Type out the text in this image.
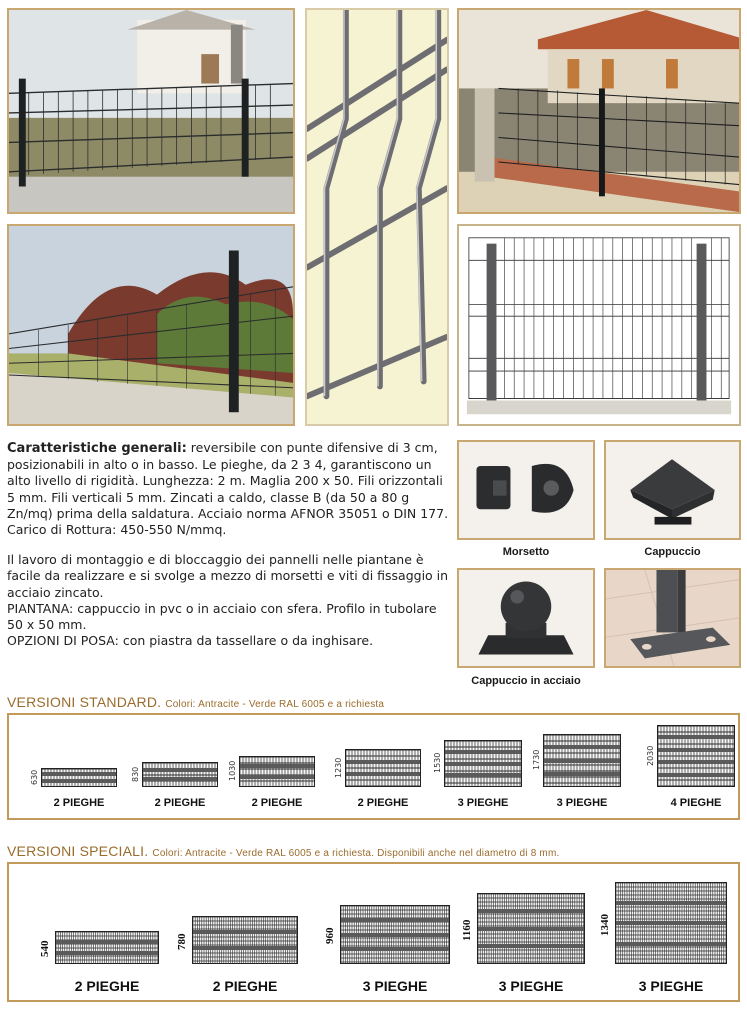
Caratteristiche generali: reversibile con punte difensive di 3 cm, posizionabili in alto o in basso. Le pieghe, da 2 3 4, garantiscono un alto livello di rigidità. Lunghezza: 2 m. Maglia 200 x 50. Fili orizzontali 5 mm. Fili verticali 5 mm. Zincati a caldo, classe B (da 50 a 80 g Zn/mq) prima della saldatura. Acciaio norma AFNOR 35051 o DIN 177. Carico di Rottura: 450-550 N/mmq.

Il lavoro di montaggio e di bloccaggio dei pannelli nelle piantane è facile da realizzare e si svolge a mezzo di morsetti e viti di fissaggio in acciaio zincato.
PIANTANA: cappuccio in pvc o in acciaio con sfera. Profilo in tubolare 50 x 50 mm.
OPZIONI DI POSA: con piastra da tassellare o da inghisare.
Morsetto	Cappuccio
Cappuccio in acciaio
VERSIONI STANDARD. Colori: Antracite - Verde RAL 6005 e a richiesta
630
2 PIEGHE
830
2 PIEGHE
1030
2 PIEGHE
1230
2 PIEGHE
1530
3 PIEGHE
1730
3 PIEGHE
2030
4 PIEGHE
VERSIONI SPECIALI. Colori: Antracite - Verde RAL 6005 e a richiesta. Disponibili anche nel diametro di 8 mm.
540
2 PIEGHE
780
2 PIEGHE
960
3 PIEGHE
1160
3 PIEGHE
1340
3 PIEGHE
